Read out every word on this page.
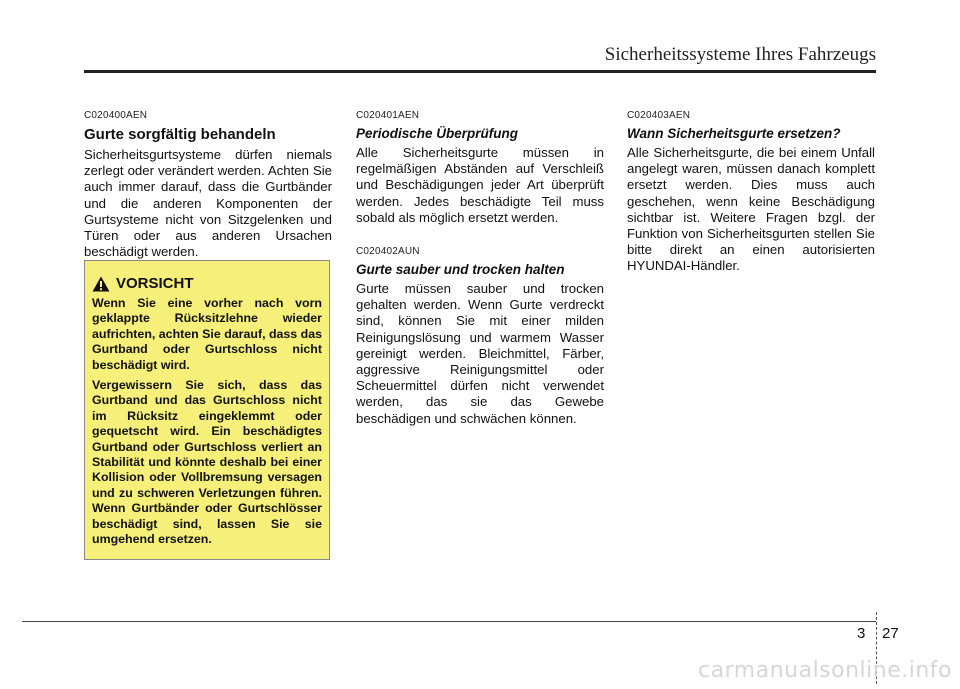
Sicherheitssysteme Ihres Fahrzeugs

C020400AEN

Gurte sorgfältig behandeln

Sicherheitsgurtsysteme dürfen niemals zerlegt oder verändert werden. Achten Sie auch immer darauf, dass die Gurtbänder und die anderen Komponenten der Gurtsysteme nicht von Sitzgelenken und Türen oder aus anderen Ursachen beschädigt werden.

VORSICHT

Wenn Sie eine vorher nach vorn geklappte Rücksitzlehne wieder aufrichten, achten Sie darauf, dass das Gurtband oder Gurtschloss nicht beschädigt wird.

Vergewissern Sie sich, dass das Gurtband und das Gurtschloss nicht im Rücksitz eingeklemmt oder gequetscht wird. Ein beschädigtes Gurtband oder Gurtschloss verliert an Stabilität und könnte deshalb bei einer Kollision oder Vollbremsung versagen und zu schweren Verletzungen führen. Wenn Gurtbänder oder Gurtschlösser beschädigt sind, lassen Sie sie umgehend ersetzen.

C020401AEN

Periodische Überprüfung

Alle Sicherheitsgurte müssen in regelmäßigen Abständen auf Verschleiß und Beschädigungen jeder Art überprüft werden. Jedes beschädigte Teil muss sobald als möglich ersetzt werden.

C020402AUN

Gurte sauber und trocken halten

Gurte müssen sauber und trocken gehalten werden. Wenn Gurte verdreckt sind, können Sie mit einer milden Reinigungslösung und warmem Wasser gereinigt werden. Bleichmittel, Färber, aggressive Reinigungsmittel oder Scheuermittel dürfen nicht verwendet werden, das sie das Gewebe beschädigen und schwächen können.

C020403AEN

Wann Sicherheitsgurte ersetzen?

Alle Sicherheitsgurte, die bei einem Unfall angelegt waren, müssen danach komplett ersetzt werden. Dies muss auch geschehen, wenn keine Beschädigung sichtbar ist. Weitere Fragen bzgl. der Funktion von Sicherheitsgurten stellen Sie bitte direkt an einen autorisierten HYUNDAI-Händler.

3 27
carmanualsonline.info
